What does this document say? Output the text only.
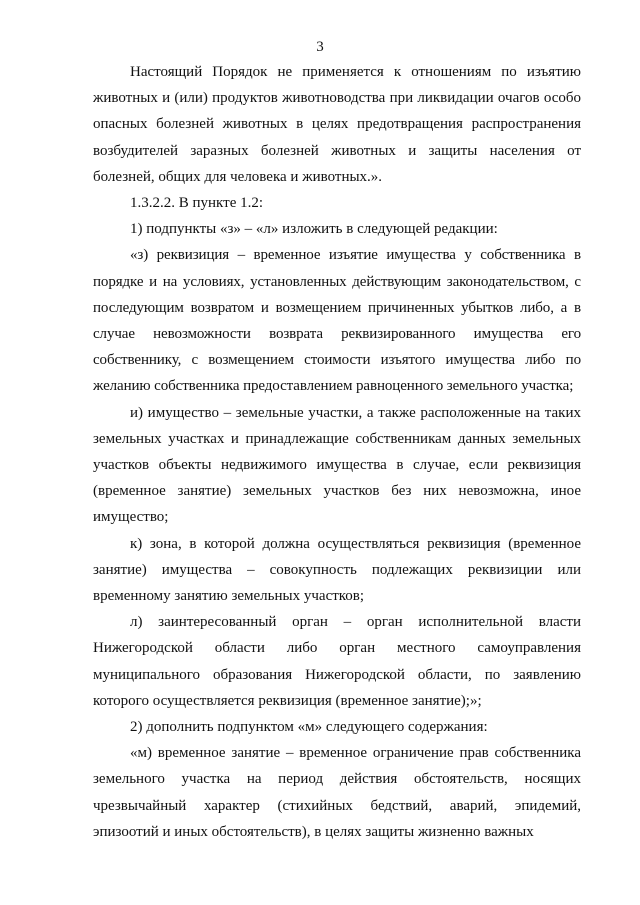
3

Настоящий Порядок не применяется к отношениям по изъятию животных и (или) продуктов животноводства при ликвидации очагов особо опасных болезней животных в целях предотвращения распространения возбудителей заразных болезней животных и защиты населения от болезней, общих для человека и животных.».

1.3.2.2. В пункте 1.2:

1) подпункты «з» – «л» изложить в следующей редакции:

«з) реквизиция – временное изъятие имущества у собственника в порядке и на условиях, установленных действующим законодательством, с последующим возвратом и возмещением причиненных убытков либо, а в случае невозможности возврата реквизированного имущества его собственнику, с возмещением стоимости изъятого имущества либо по желанию собственника предоставлением равноценного земельного участка;

и) имущество – земельные участки, а также расположенные на таких земельных участках и принадлежащие собственникам данных земельных участков объекты недвижимого имущества в случае, если реквизиция (временное занятие) земельных участков без них невозможна, иное имущество;

к) зона, в которой должна осуществляться реквизиция (временное занятие) имущества – совокупность подлежащих реквизиции или временному занятию земельных участков;

л) заинтересованный орган – орган исполнительной власти Нижегородской области либо орган местного самоуправления муниципального образования Нижегородской области, по заявлению которого осуществляется реквизиция (временное занятие);»;

2) дополнить подпунктом «м» следующего содержания:

«м) временное занятие – временное ограничение прав собственника земельного участка на период действия обстоятельств, носящих чрезвычайный характер (стихийных бедствий, аварий, эпидемий, эпизоотий и иных обстоятельств), в целях защиты жизненно важных
